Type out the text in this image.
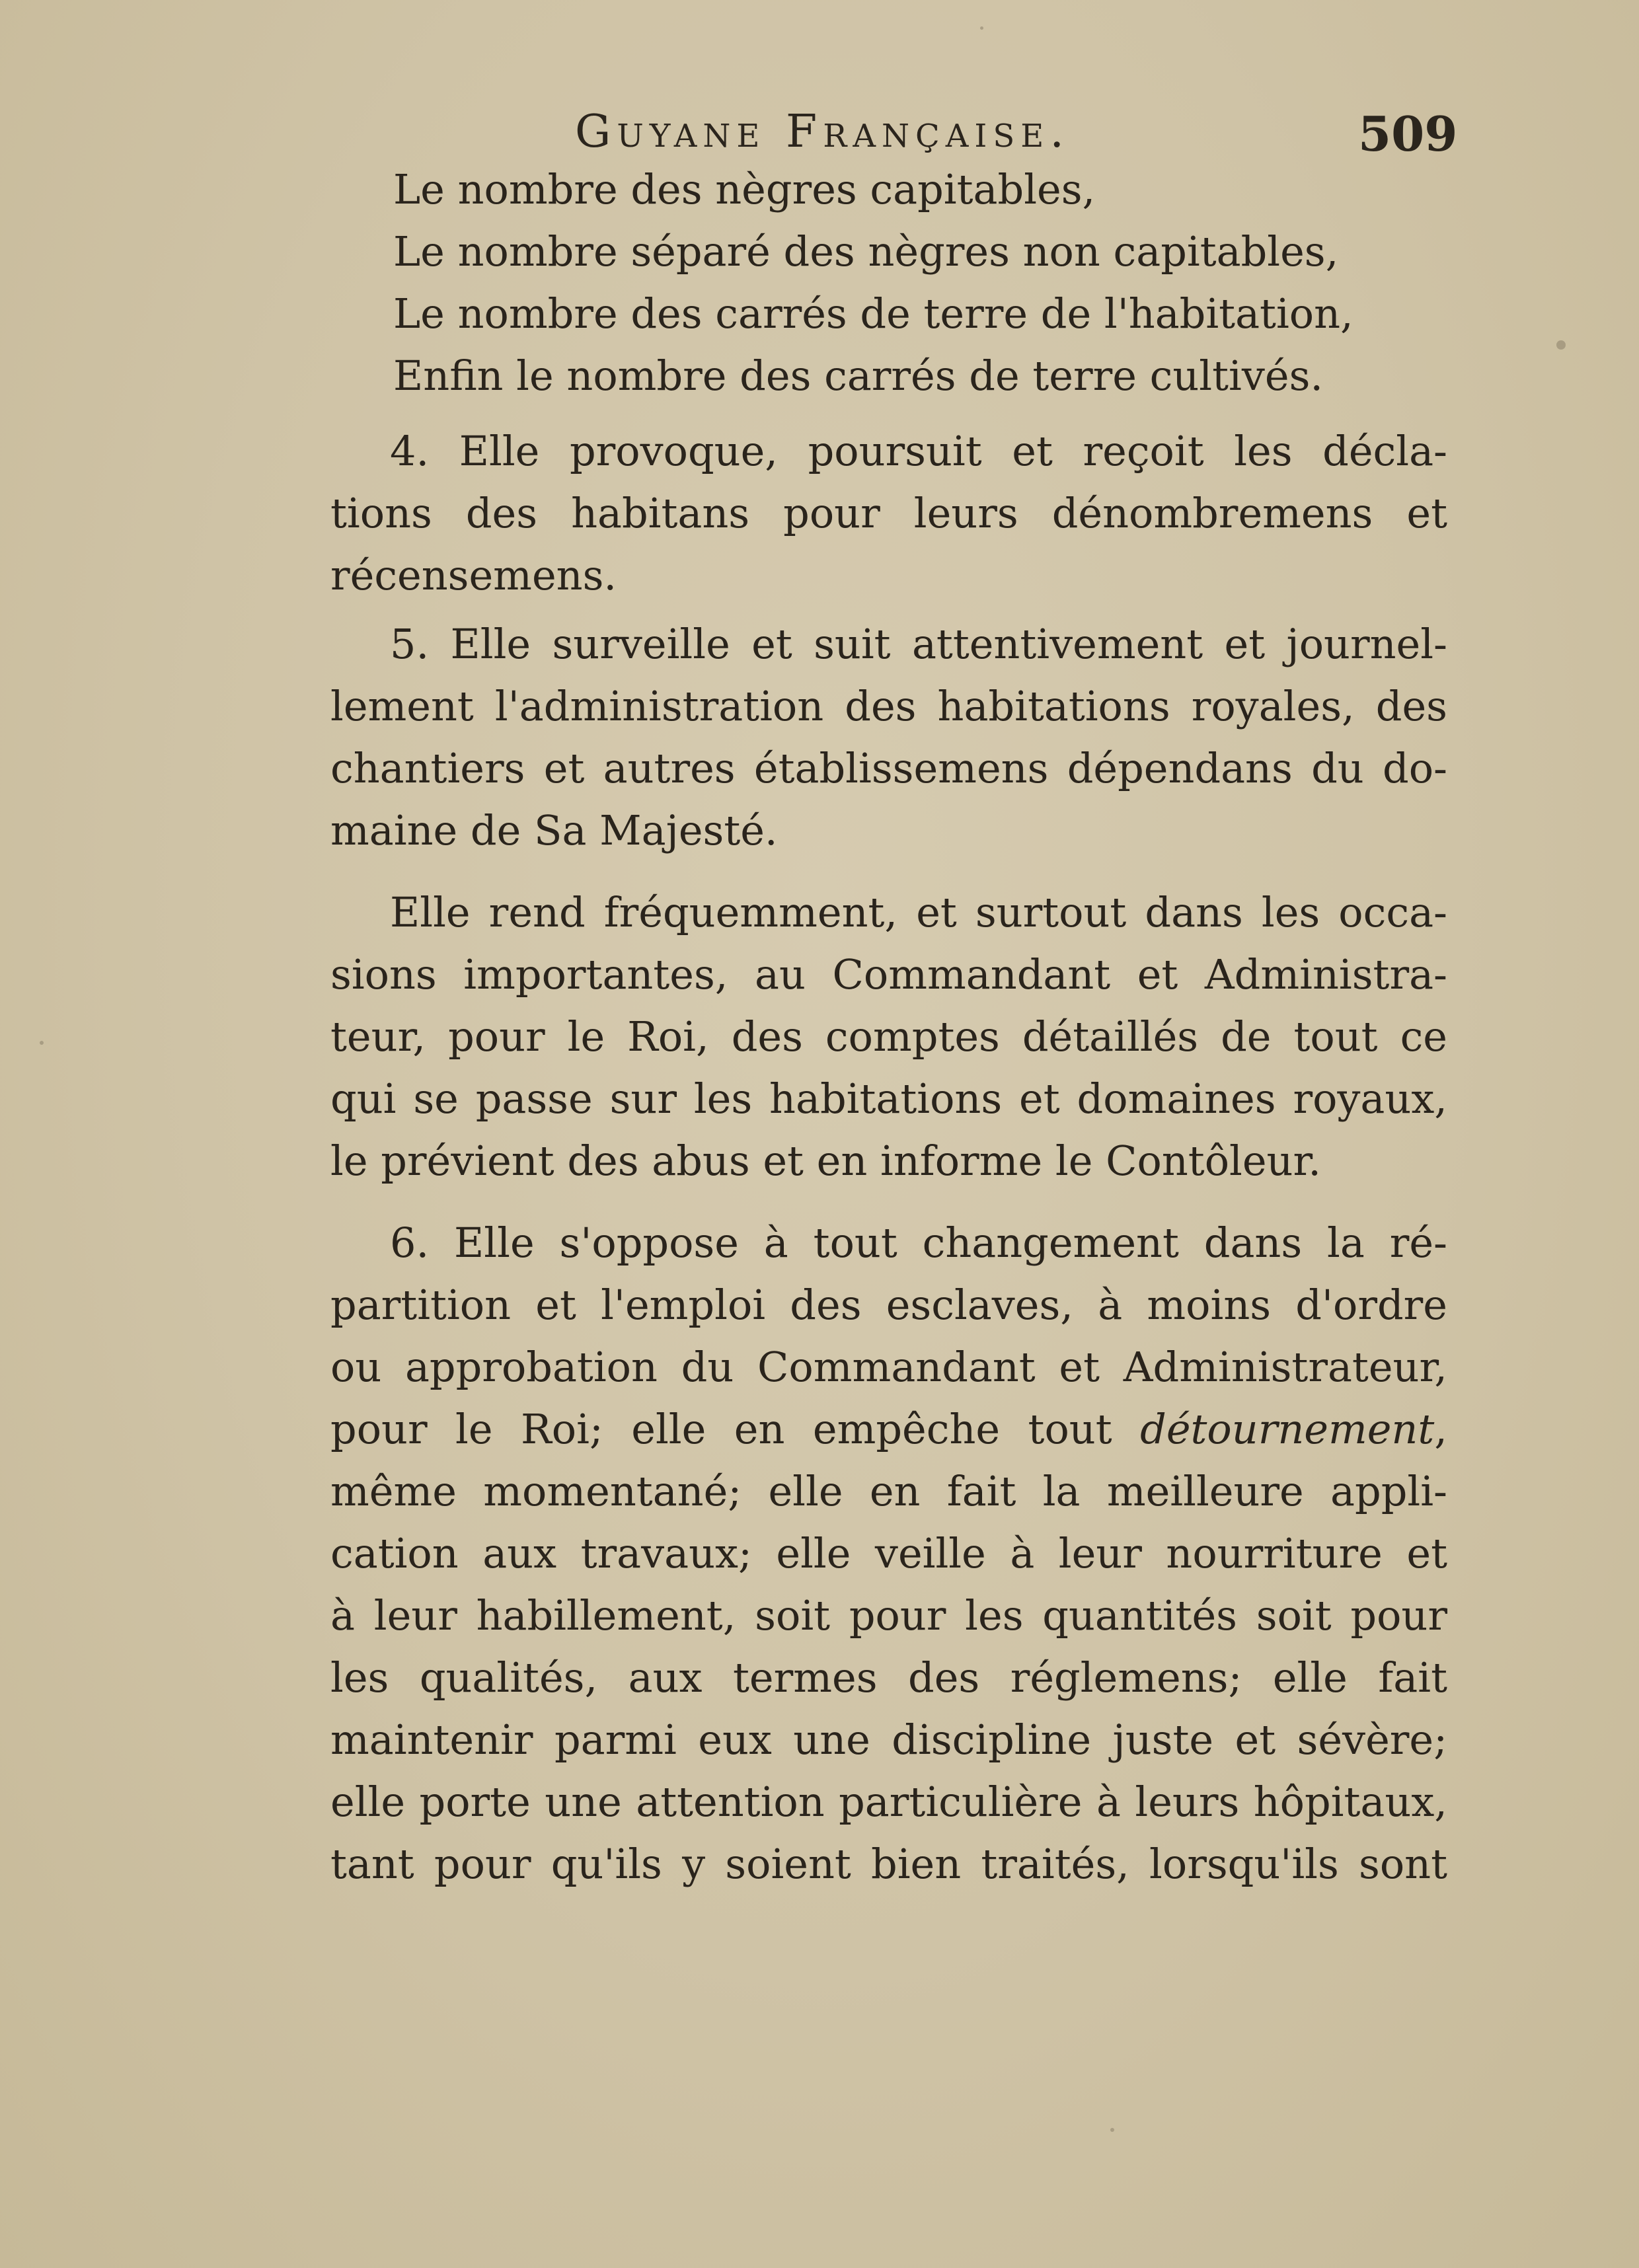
Guyane Française.	509
Le nombre des nègres capitables,
Le nombre séparé des nègres non capitables,
Le nombre des carrés de terre de l'habitation,
Enfin le nombre des carrés de terre cultivés.
4. Elle provoque, poursuit et reçoit les décla-
tions des habitans pour leurs dénombremens et
récensemens.
5. Elle surveille et suit attentivement et journel-
lement l'administration des habitations royales, des
chantiers et autres établissemens dépendans du do-
maine de Sa Majesté.
Elle rend fréquemment, et surtout dans les occa-
sions importantes, au Commandant et Administra-
teur, pour le Roi, des comptes détaillés de tout ce
qui se passe sur les habitations et domaines royaux,
le prévient des abus et en informe le Contôleur.
6. Elle s'oppose à tout changement dans la ré-
partition et l'emploi des esclaves, à moins d'ordre
ou approbation du Commandant et Administrateur,
pour le Roi; elle en empêche tout détournement,
même momentané; elle en fait la meilleure appli-
cation aux travaux; elle veille à leur nourriture et
à leur habillement, soit pour les quantités soit pour
les qualités, aux termes des réglemens; elle fait
maintenir parmi eux une discipline juste et sévère;
elle porte une attention particulière à leurs hôpitaux,
tant pour qu'ils y soient bien traités, lorsqu'ils sont
